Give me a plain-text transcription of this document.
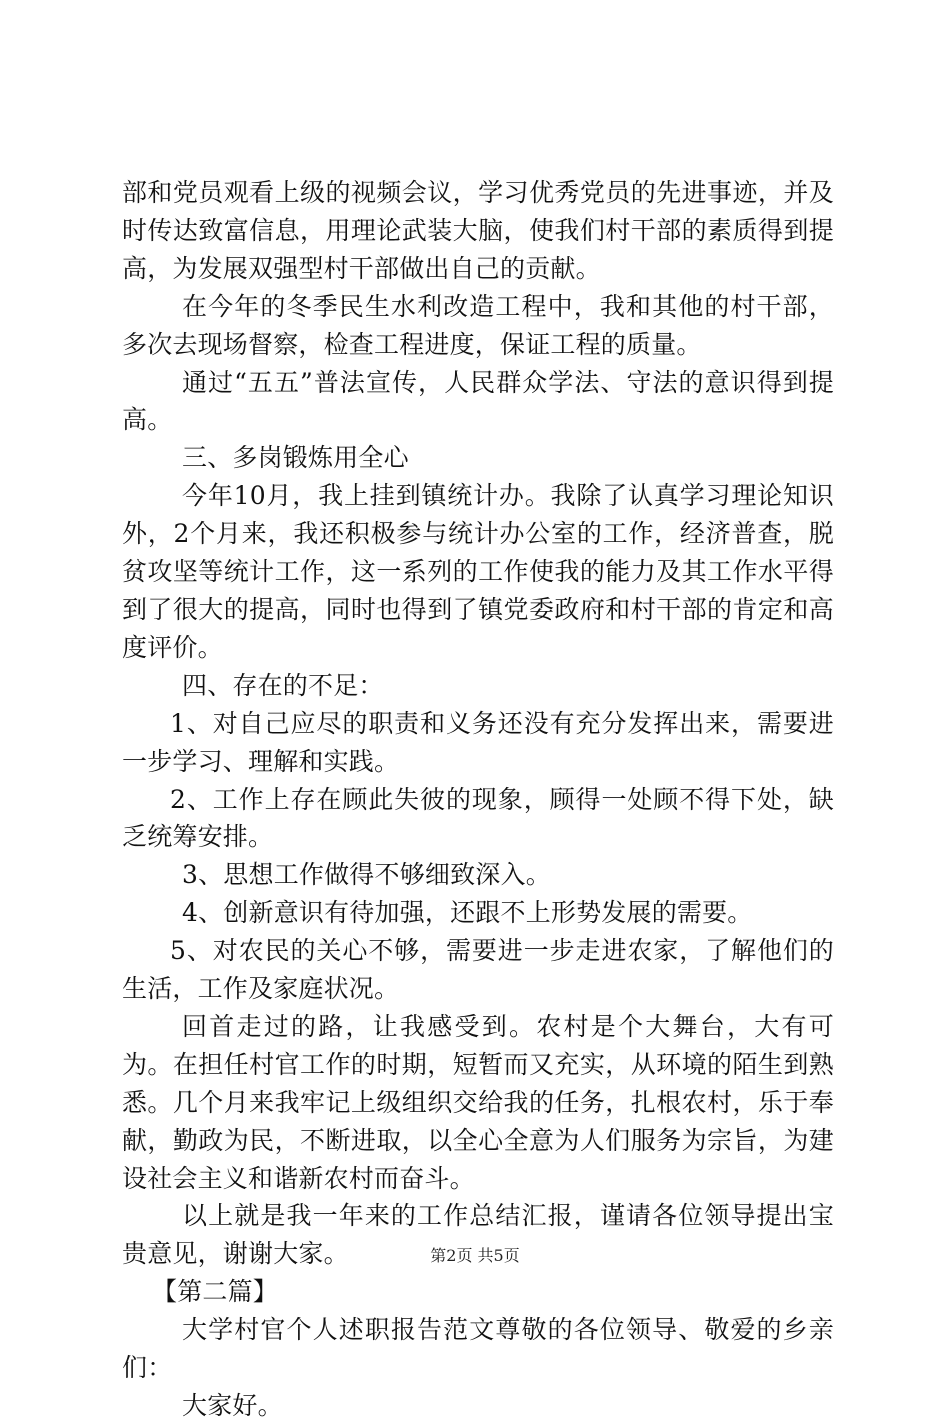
部和党员观看上级的视频会议，学习优秀党员的先进事迹，并及时传达致富信息，用理论武装大脑，使我们村干部的素质得到提高，为发展双强型村干部做出自己的贡献。

在今年的冬季民生水利改造工程中，我和其他的村干部，多次去现场督察，检查工程进度，保证工程的质量。

通过“五五”普法宣传，人民群众学法、守法的意识得到提高。

三、多岗锻炼用全心

今年10月，我上挂到镇统计办。我除了认真学习理论知识外，2个月来，我还积极参与统计办公室的工作，经济普查，脱贫攻坚等统计工作，这一系列的工作使我的能力及其工作水平得到了很大的提高，同时也得到了镇党委政府和村干部的肯定和高度评价。

四、存在的不足：

1、对自己应尽的职责和义务还没有充分发挥出来，需要进一步学习、理解和实践。

2、工作上存在顾此失彼的现象，顾得一处顾不得下处，缺乏统筹安排。

3、思想工作做得不够细致深入。

4、创新意识有待加强，还跟不上形势发展的需要。

5、对农民的关心不够，需要进一步走进农家，了解他们的生活，工作及家庭状况。

回首走过的路，让我感受到。农村是个大舞台，大有可为。在担任村官工作的时期，短暂而又充实，从环境的陌生到熟悉。几个月来我牢记上级组织交给我的任务，扎根农村，乐于奉献，勤政为民，不断进取，以全心全意为人们服务为宗旨，为建设社会主义和谐新农村而奋斗。

以上就是我一年来的工作总结汇报，谨请各位领导提出宝贵意见，谢谢大家。

【第二篇】

大学村官个人述职报告范文尊敬的各位领导、敬爱的乡亲们：

大家好。

第2页 共5页
